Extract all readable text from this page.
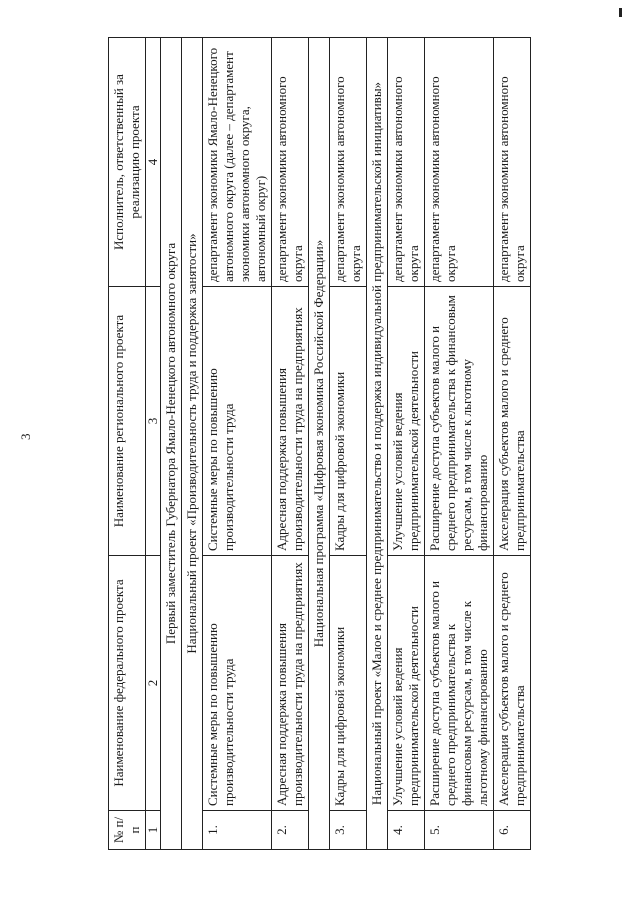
3
№ п/п	Наименование федерального проекта	Наименование регионального проекта	Исполнитель, ответственный за реализацию проекта
1	2	3	4
Первый заместитель Губернатора Ямало-Ненецкого автономного округа			
Национальный проект «Производительность труда и поддержка занятости»			
1.	Системные меры по повышению производительности труда	Системные меры по повышению производительности труда	департамент экономики Ямало-Ненецкого автономного округа (далее – департамент экономики автономного округа, автономный округ)
2.	Адресная поддержка повышения производительности труда на предприятиях	Адресная поддержка повышения производительности труда на предприятиях	департамент экономики автономного округа
Национальная программа «Цифровая экономика Российской Федерации»			
3.	Кадры для цифровой экономики	Кадры для цифровой экономики	департамент экономики автономного округа
Национальный проект «Малое и среднее предпринимательство и поддержка индивидуальной предпринимательской инициативы»			
4.	Улучшение условий ведения предпринимательской деятельности	Улучшение условий ведения предпринимательской деятельности	департамент экономики автономного округа
5.	Расширение доступа субъектов малого и среднего предпринимательства к финансовым ресурсам, в том числе к льготному финансированию	Расширение доступа субъектов малого и среднего предпринимательства к финансовым ресурсам, в том числе к льготному финансированию	департамент экономики автономного округа
6.	Акселерация субъектов малого и среднего предпринимательства	Акселерация субъектов малого и среднего предпринимательства	департамент экономики автономного округа
